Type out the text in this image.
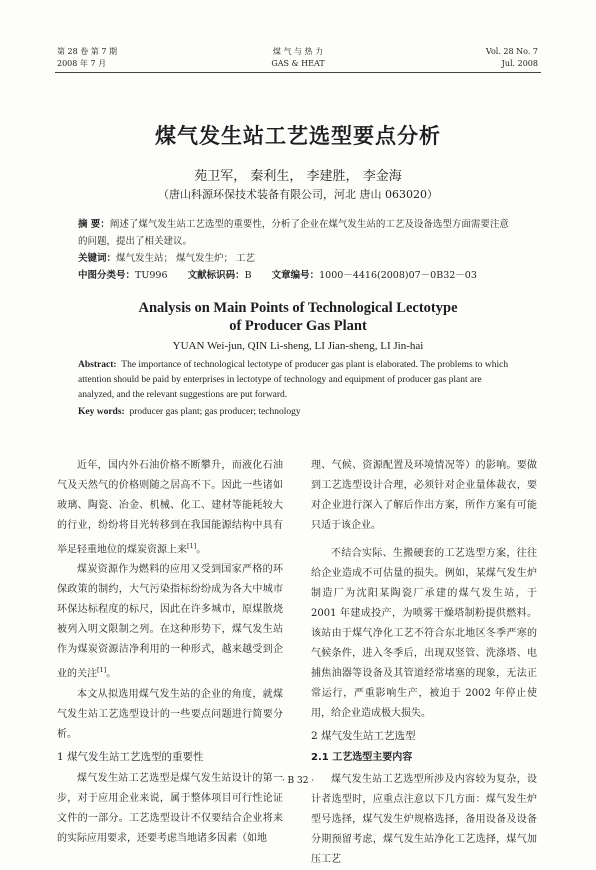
第 28 卷 第 7 期
2008 年 7 月
煤 气 与 热 力
GAS & HEAT
Vol. 28 No. 7
Jul. 2008
煤气发生站工艺选型要点分析
苑卫军， 秦利生， 李建胜， 李金海
（唐山科源环保技术装备有限公司，河北 唐山 063020）
摘 要：阐述了煤气发生站工艺选型的重要性，分析了企业在煤气发生站的工艺及设备选型方面需要注意的问题，提出了相关建议。
关键词：煤气发生站； 煤气发生炉； 工艺
中图分类号：TU996 文献标识码：B 文章编号：1000－4416(2008)07－0B32－03
Analysis on Main Points of Technological Lectotype
of Producer Gas Plant
YUAN Wei-jun, QIN Li-sheng, LI Jian-sheng, LI Jin-hai
Abstract: The importance of technological lectotype of producer gas plant is elaborated. The problems to which attention should be paid by enterprises in lectotype of technology and equipment of producer gas plant are analyzed, and the relevant suggestions are put forward.
Key words: producer gas plant; gas producer; technology

近年，国内外石油价格不断攀升，而液化石油气及天然气的价格则随之居高不下。因此一些诸如玻璃、陶瓷、冶金、机械、化工、建材等能耗较大的行业，纷纷将目光转移到在我国能源结构中具有举足轻重地位的煤炭资源上来[1]。

煤炭资源作为燃料的应用又受到国家严格的环保政策的制约，大气污染指标纷纷成为各大中城市环保达标程度的标尺，因此在许多城市，原煤散烧被列入明文限制之列。在这种形势下，煤气发生站作为煤炭资源洁净利用的一种形式，越来越受到企业的关注[1]。

本文从拟选用煤气发生站的企业的角度，就煤气发生站工艺选型设计的一些要点问题进行简要分析。

1 煤气发生站工艺选型的重要性

煤气发生站工艺选型是煤气发生站设计的第一步，对于应用企业来说，属于整体项目可行性论证文件的一部分。工艺选型设计不仅要结合企业将来的实际应用要求，还要考虑当地诸多因素（如地

理、气候、资源配置及环境情况等）的影响。要做到工艺选型设计合理，必须针对企业量体裁衣，要对企业进行深入了解后作出方案，所作方案有可能只适于该企业。

不结合实际、生搬硬套的工艺选型方案，往往给企业造成不可估量的损失。例如，某煤气发生炉制造厂为沈阳某陶瓷厂承建的煤气发生站，于 2001 年建成投产，为喷雾干燥塔制粉提供燃料。该站由于煤气净化工艺不符合东北地区冬季严寒的气候条件，进入冬季后，出现双竖管、洗涤塔、电捕焦油器等设备及其管道经常堵塞的现象，无法正常运行，严重影响生产，被迫于 2002 年停止使用，给企业造成极大损失。

2 煤气发生站工艺选型
2.1 工艺选型主要内容

煤气发生站工艺选型所涉及内容较为复杂，设计者选型时，应重点注意以下几方面：煤气发生炉型号选择，煤气发生炉规格选择，备用设备及设备分期预留考虑，煤气发生站净化工艺选择，煤气加压工艺

· B 32 ·
